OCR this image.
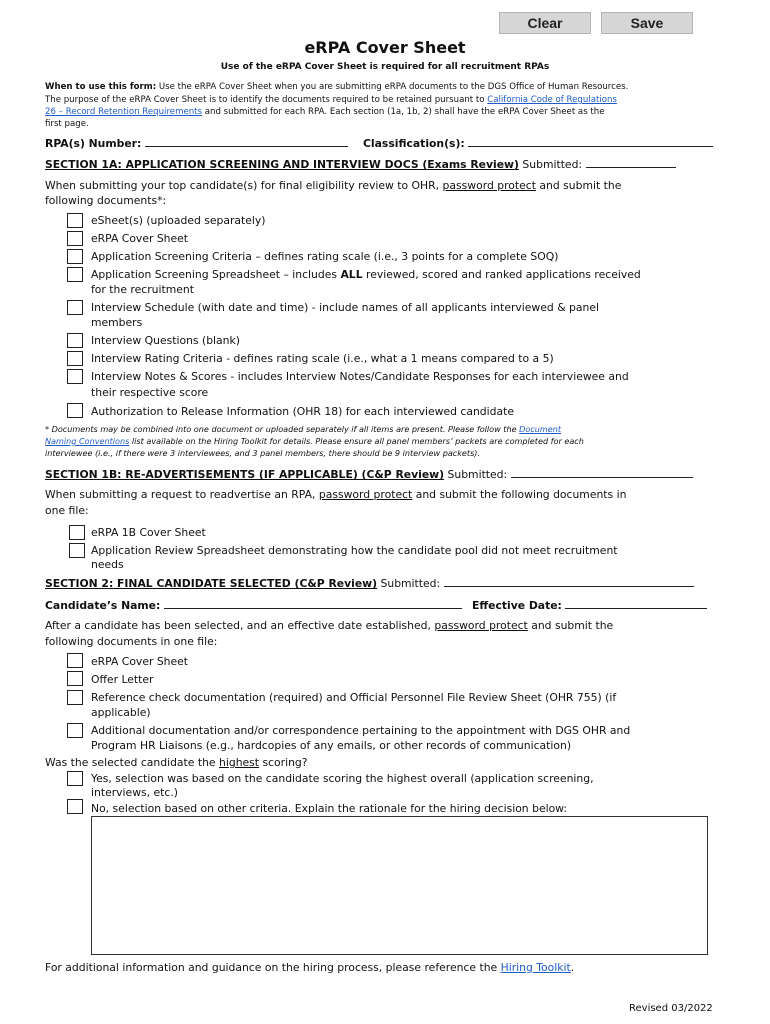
Clear	Save
eRPA Cover Sheet
Use of the eRPA Cover Sheet is required for all recruitment RPAs
When to use this form: Use the eRPA Cover Sheet when you are submitting eRPA documents to the DGS Office of Human Resources.
The purpose of the eRPA Cover Sheet is to identify the documents required to be retained pursuant to California Code of Regulations
26 – Record Retention Requirements and submitted for each RPA. Each section (1a, 1b, 2) shall have the eRPA Cover Sheet as the
first page.
RPA(s) Number:	Classification(s):
SECTION 1A: APPLICATION SCREENING AND INTERVIEW DOCS (Exams Review) Submitted:
When submitting your top candidate(s) for final eligibility review to OHR, password protect and submit the
following documents*:
eSheet(s) (uploaded separately)
eRPA Cover Sheet
Application Screening Criteria – defines rating scale (i.e., 3 points for a complete SOQ)
Application Screening Spreadsheet – includes ALL reviewed, scored and ranked applications received
for the recruitment
Interview Schedule (with date and time) - include names of all applicants interviewed & panel
members
Interview Questions (blank)
Interview Rating Criteria - defines rating scale (i.e., what a 1 means compared to a 5)
Interview Notes & Scores - includes Interview Notes/Candidate Responses for each interviewee and
their respective score
Authorization to Release Information (OHR 18) for each interviewed candidate
* Documents may be combined into one document or uploaded separately if all items are present. Please follow the Document
Naming Conventions list available on the Hiring Toolkit for details. Please ensure all panel members’ packets are completed for each
interviewee (i.e., if there were 3 interviewees, and 3 panel members, there should be 9 interview packets).
SECTION 1B: RE-ADVERTISEMENTS (IF APPLICABLE) (C&P Review) Submitted:
When submitting a request to readvertise an RPA, password protect and submit the following documents in
one file:
eRPA 1B Cover Sheet
Application Review Spreadsheet demonstrating how the candidate pool did not meet recruitment
needs
SECTION 2: FINAL CANDIDATE SELECTED (C&P Review) Submitted:
Candidate’s Name:	Effective Date:
After a candidate has been selected, and an effective date established, password protect and submit the
following documents in one file:
eRPA Cover Sheet
Offer Letter
Reference check documentation (required) and Official Personnel File Review Sheet (OHR 755) (if
applicable)
Additional documentation and/or correspondence pertaining to the appointment with DGS OHR and
Program HR Liaisons (e.g., hardcopies of any emails, or other records of communication)
Was the selected candidate the highest scoring?
Yes, selection was based on the candidate scoring the highest overall (application screening,
interviews, etc.)
No, selection based on other criteria. Explain the rationale for the hiring decision below:
For additional information and guidance on the hiring process, please reference the Hiring Toolkit.
Revised 03/2022
